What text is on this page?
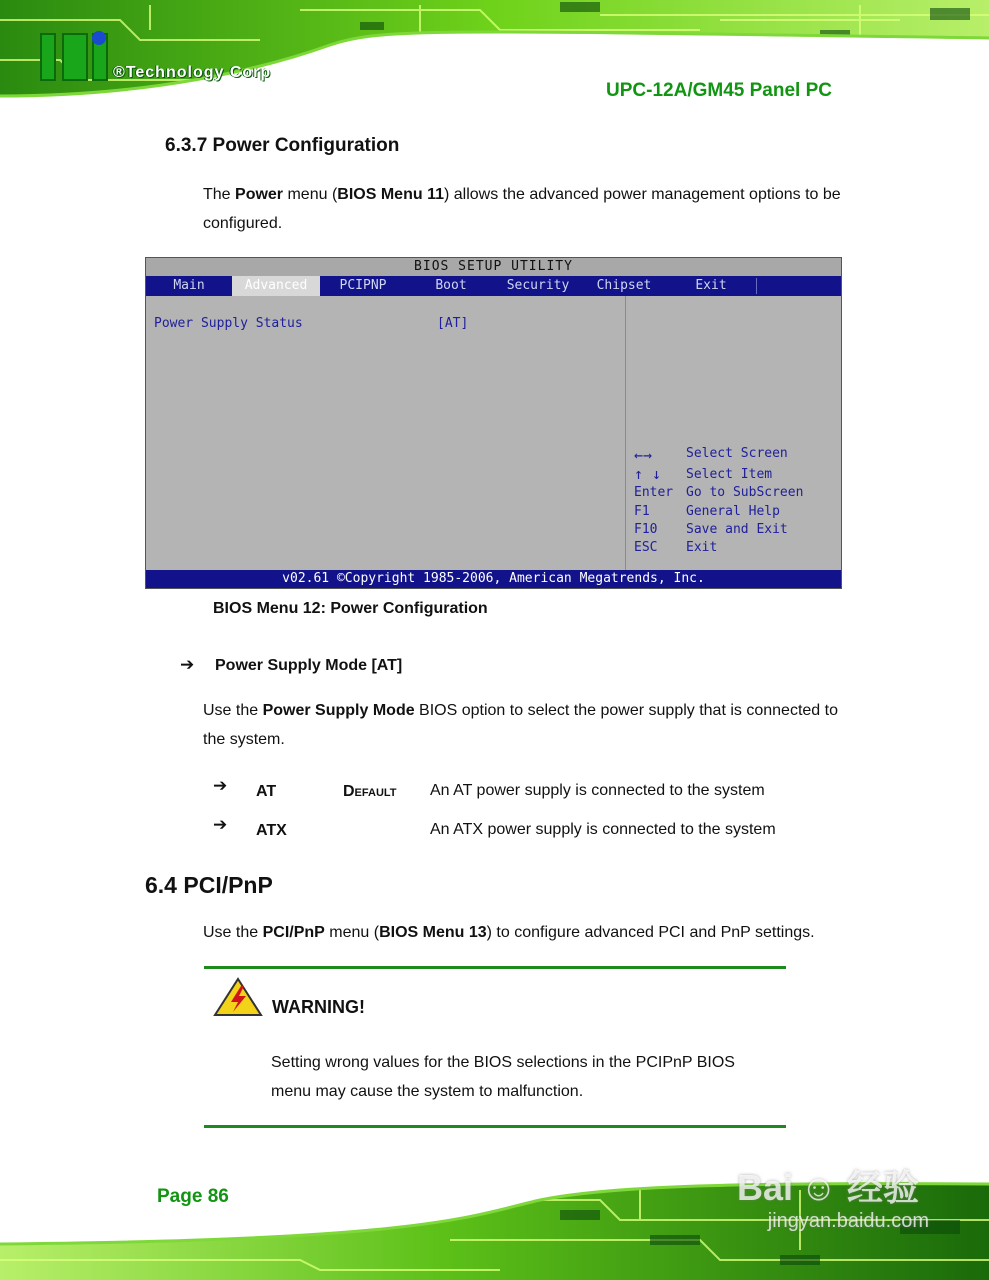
®Technology Corp
UPC-12A/GM45 Panel PC
6.3.7 Power Configuration
The Power menu (BIOS Menu 11) allows the advanced power management options to be
configured.
BIOS SETUP UTILITY
Main	Advanced	PCIPNP	Boot	Security	Chipset	Exit
Power Supply Status	[AT]
←→	Select Screen
↑ ↓ Select Item
Enter Go to SubScreen
F1	General Help
F10 Save and Exit
ESC Exit
v02.61 ©Copyright 1985-2006, American Megatrends, Inc.
BIOS Menu 12: Power Configuration
➔ Power Supply Mode [AT]
Use the Power Supply Mode BIOS option to select the power supply that is connected to
the system.
➔ AT	Default An AT power supply is connected to the system
➔ ATX	An ATX power supply is connected to the system
6.4 PCI/PnP
Use the PCI/PnP menu (BIOS Menu 13) to configure advanced PCI and PnP settings.
WARNING!
Setting wrong values for the BIOS selections in the PCIPnP BIOS
menu may cause the system to malfunction.
Page 86	Bai ☺ 经验
jingyan.baidu.com
